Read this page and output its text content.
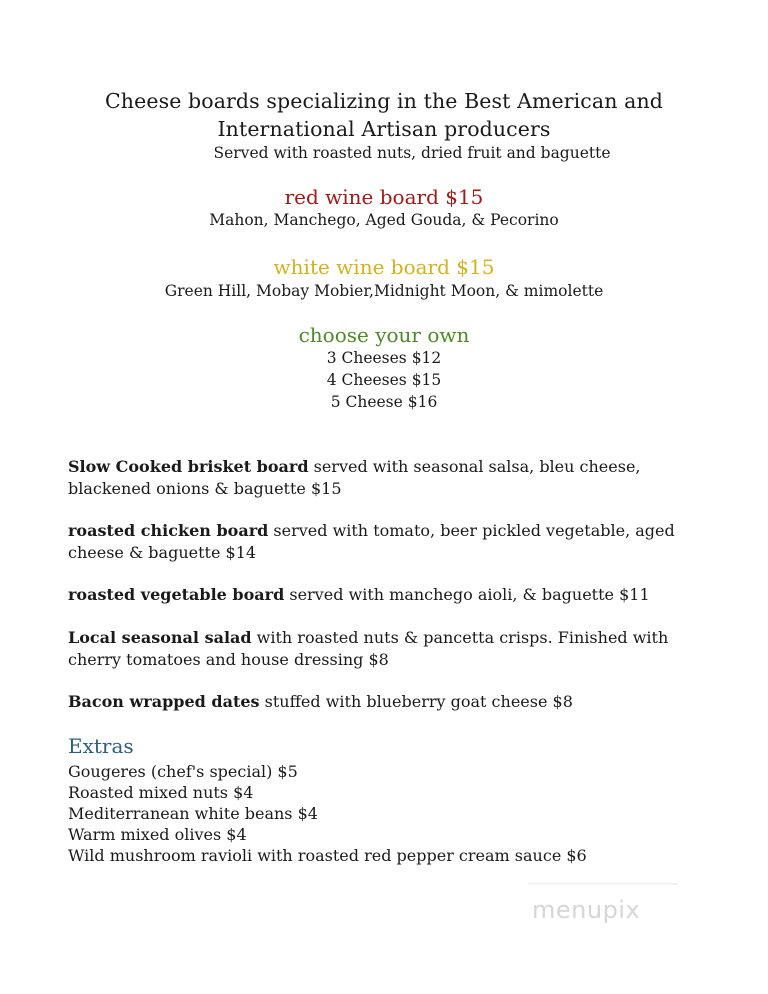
Cheese boards specializing in the Best American and
International Artisan producers
Served with roasted nuts, dried fruit and baguette
red wine board $15
Mahon, Manchego, Aged Gouda, & Pecorino
white wine board $15
Green Hill, Mobay Mobier,Midnight Moon, & mimolette
choose your own
3 Cheeses $12
4 Cheeses $15
5 Cheese $16
Slow Cooked brisket board served with seasonal salsa, bleu cheese,
blackened onions & baguette $15
roasted chicken board served with tomato, beer pickled vegetable, aged
cheese & baguette $14
roasted vegetable board served with manchego aioli, & baguette $11
Local seasonal salad with roasted nuts & pancetta crisps. Finished with
cherry tomatoes and house dressing $8
Bacon wrapped dates stuffed with blueberry goat cheese $8
Extras
Gougeres (chef's special) $5
Roasted mixed nuts $4
Mediterranean white beans $4
Warm mixed olives $4
Wild mushroom ravioli with roasted red pepper cream sauce $6
menupix
